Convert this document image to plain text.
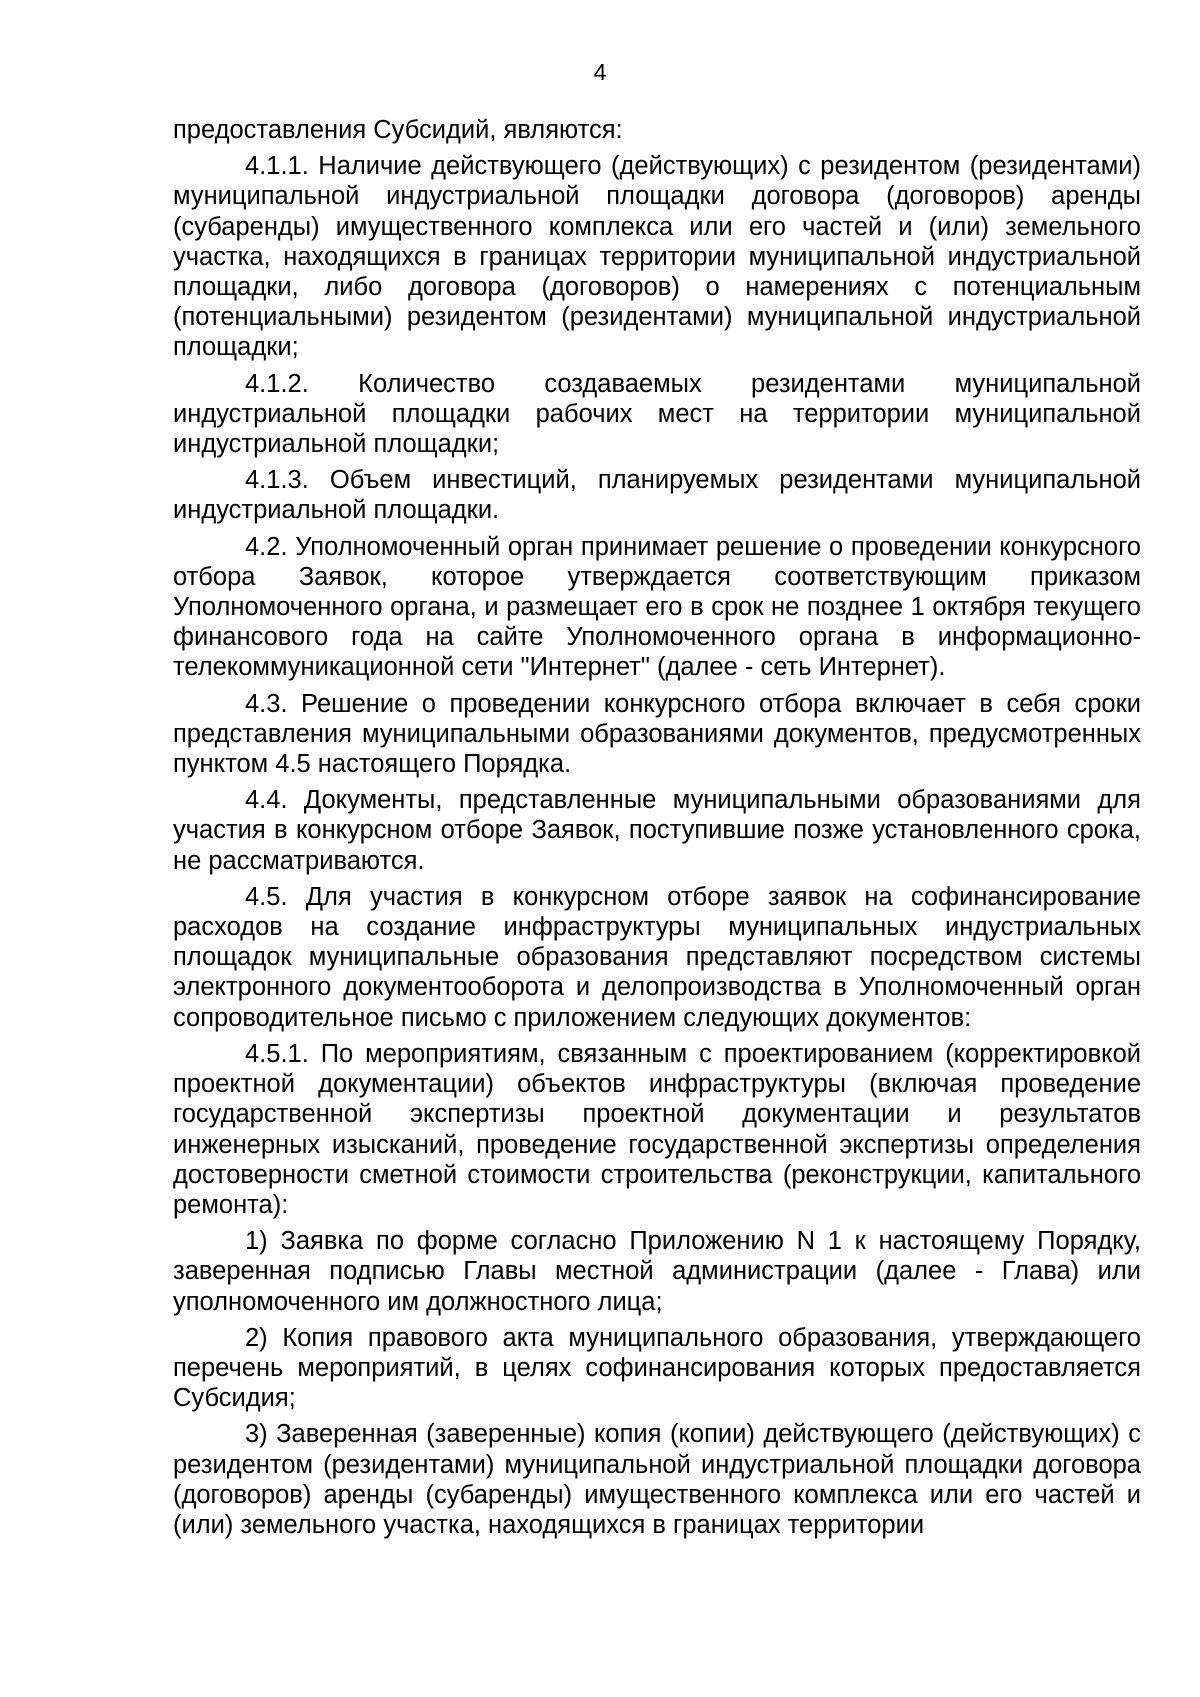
4

предоставления Субсидий, являются:

4.1.1. Наличие действующего (действующих) с резидентом (резидентами) муниципальной индустриальной площадки договора (договоров) аренды (субаренды) имущественного комплекса или его частей и (или) земельного участка, находящихся в границах территории муниципальной индустриальной площадки, либо договора (договоров) о намерениях с потенциальным (потенциальными) резидентом (резидентами) муниципальной индустриальной площадки;

4.1.2. Количество создаваемых резидентами муниципальной индустриальной площадки рабочих мест на территории муниципальной индустриальной площадки;

4.1.3. Объем инвестиций, планируемых резидентами муниципальной индустриальной площадки.

4.2. Уполномоченный орган принимает решение о проведении конкурсного отбора Заявок, которое утверждается соответствующим приказом Уполномоченного органа, и размещает его в срок не позднее 1 октября текущего финансового года на сайте Уполномоченного органа в информационно-телекоммуникационной сети "Интернет" (далее - сеть Интернет).

4.3. Решение о проведении конкурсного отбора включает в себя сроки представления муниципальными образованиями документов, предусмотренных пунктом 4.5 настоящего Порядка.

4.4. Документы, представленные муниципальными образованиями для участия в конкурсном отборе Заявок, поступившие позже установленного срока, не рассматриваются.

4.5. Для участия в конкурсном отборе заявок на софинансирование расходов на создание инфраструктуры муниципальных индустриальных площадок муниципальные образования представляют посредством системы электронного документооборота и делопроизводства в Уполномоченный орган сопроводительное письмо с приложением следующих документов:

4.5.1. По мероприятиям, связанным с проектированием (корректировкой проектной документации) объектов инфраструктуры (включая проведение государственной экспертизы проектной документации и результатов инженерных изысканий, проведение государственной экспертизы определения достоверности сметной стоимости строительства (реконструкции, капитального ремонта):

1) Заявка по форме согласно Приложению N 1 к настоящему Порядку, заверенная подписью Главы местной администрации (далее - Глава) или уполномоченного им должностного лица;

2) Копия правового акта муниципального образования, утверждающего перечень мероприятий, в целях софинансирования которых предоставляется Субсидия;

3) Заверенная (заверенные) копия (копии) действующего (действующих) с резидентом (резидентами) муниципальной индустриальной площадки договора (договоров) аренды (субаренды) имущественного комплекса или его частей и (или) земельного участка, находящихся в границах территории
